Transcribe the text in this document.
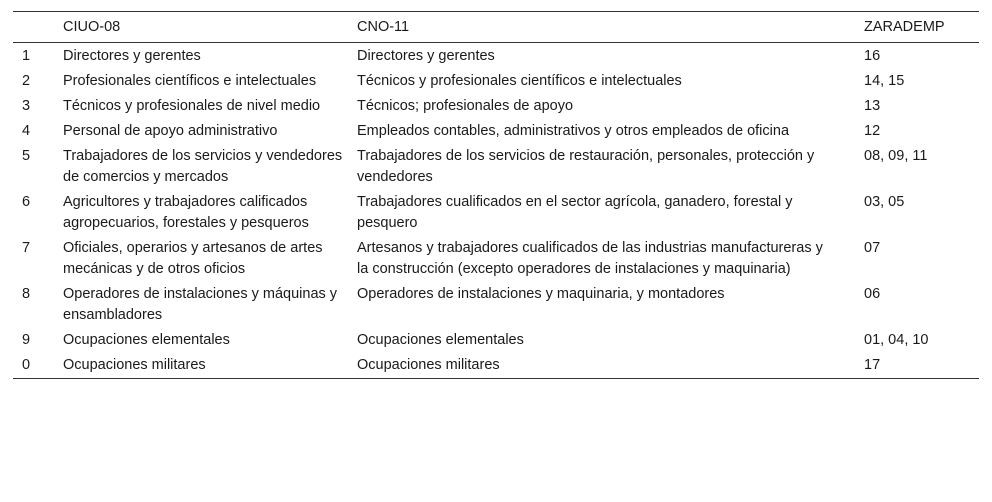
	CIUO-08	CNO-11	ZARADEMP
1	Directores y gerentes	Directores y gerentes	16
2	Profesionales científicos e intelectuales	Técnicos y profesionales científicos e intelectuales	14, 15
3	Técnicos y profesionales de nivel medio	Técnicos; profesionales de apoyo	13
4	Personal de apoyo administrativo	Empleados contables, administrativos y otros empleados de oficina	12
5	Trabajadores de los servicios y vendedores de comercios y mercados	Trabajadores de los servicios de restauración, personales, protección y vendedores	08, 09, 11
6	Agricultores y trabajadores calificados agropecuarios, forestales y pesqueros	Trabajadores cualificados en el sector agrícola, ganadero, forestal y pesquero	03, 05
7	Oficiales, operarios y artesanos de artes mecánicas y de otros oficios	Artesanos y trabajadores cualificados de las industrias manufactureras y la construcción (excepto operadores de instalaciones y maquinaria)	07
8	Operadores de instalaciones y máquinas y ensambladores	Operadores de instalaciones y maquinaria, y montadores	06
9	Ocupaciones elementales	Ocupaciones elementales	01, 04, 10
0	Ocupaciones militares	Ocupaciones militares	17
